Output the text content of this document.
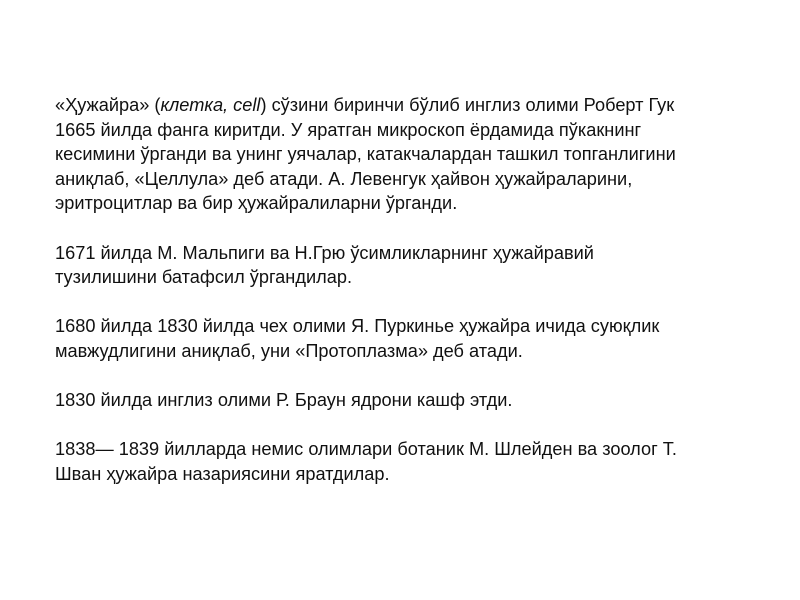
«Ҳужайра» (клетка, cell) сўзини биринчи бўлиб инглиз олими Роберт Гук
1665 йилда фанга киритди. У яратган микроскоп ёрдамида пўкакнинг
кесимини ўрганди ва унинг уячалар, катакчалардан ташкил топганлигини
аниқлаб, «Целлула» деб атади. А. Левенгук ҳайвон ҳужайраларини,
эритроцитлар ва бир ҳужайралиларни ўрганди.

1671 йилда М. Мальпиги ва Н.Грю ўсимликларнинг ҳужайравий
тузилишини батафсил ўргандилар.

1680 йилда 1830 йилда чех олими Я. Пуркинье ҳужайра ичида суюқлик
мавжудлигини аниқлаб, уни «Протоплазма» деб атади.

1830 йилда инглиз олими Р. Браун ядрони кашф этди.

1838— 1839 йилларда немис олимлари ботаник М. Шлейден ва зоолог Т.
Шван ҳужайра назариясини яратдилар.
